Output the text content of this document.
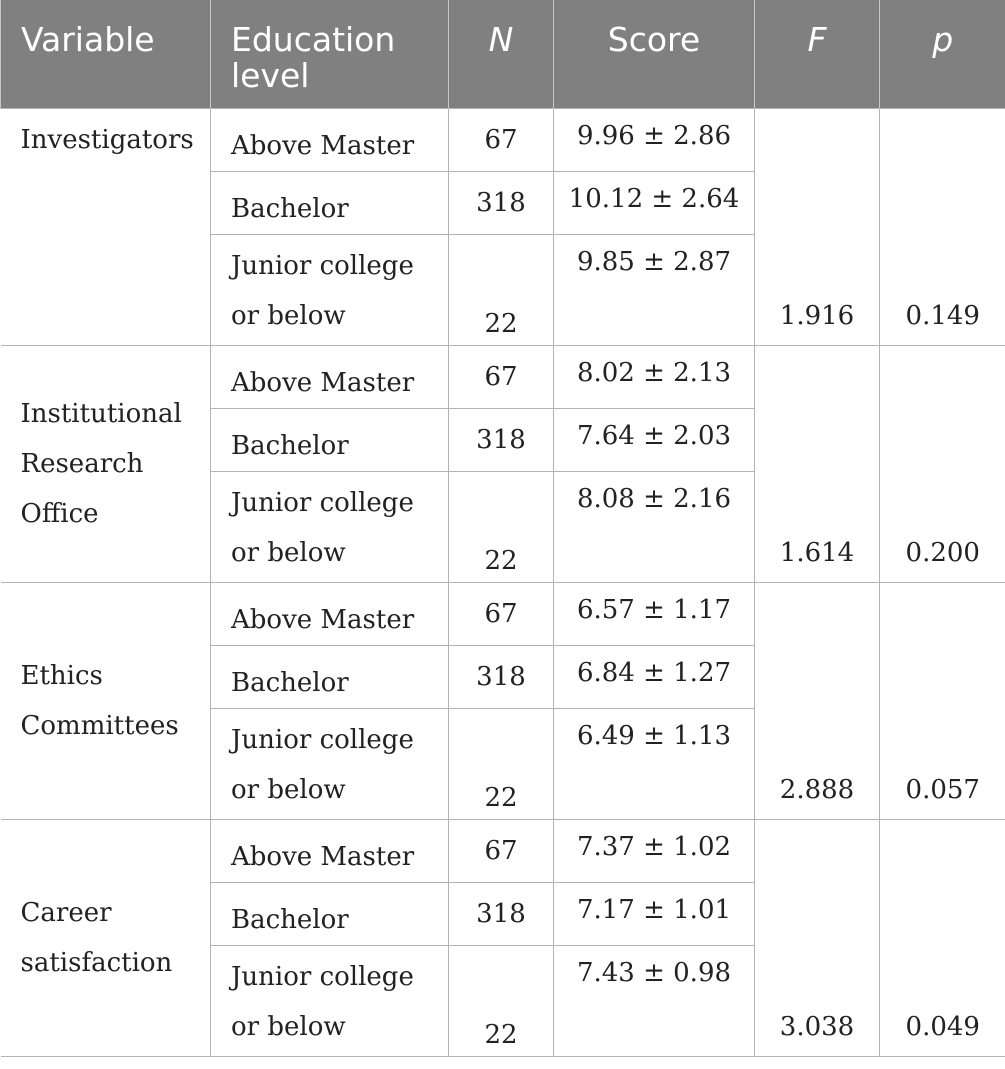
Variable	Education level	N	Score	F	p
Investigators	Above Master	67	9.96 ± 2.86	1.916	0.149
	Bachelor	318	10.12 ± 2.64		
	Junior college or below	22	9.85 ± 2.87		
Institutional Research Office	Above Master	67	8.02 ± 2.13	1.614	0.200
	Bachelor	318	7.64 ± 2.03		
	Junior college or below	22	8.08 ± 2.16		
Ethics Committees	Above Master	67	6.57 ± 1.17	2.888	0.057
	Bachelor	318	6.84 ± 1.27		
	Junior college or below	22	6.49 ± 1.13		
Career satisfaction	Above Master	67	7.37 ± 1.02	3.038	0.049
	Bachelor	318	7.17 ± 1.01		
	Junior college or below	22	7.43 ± 0.98		
